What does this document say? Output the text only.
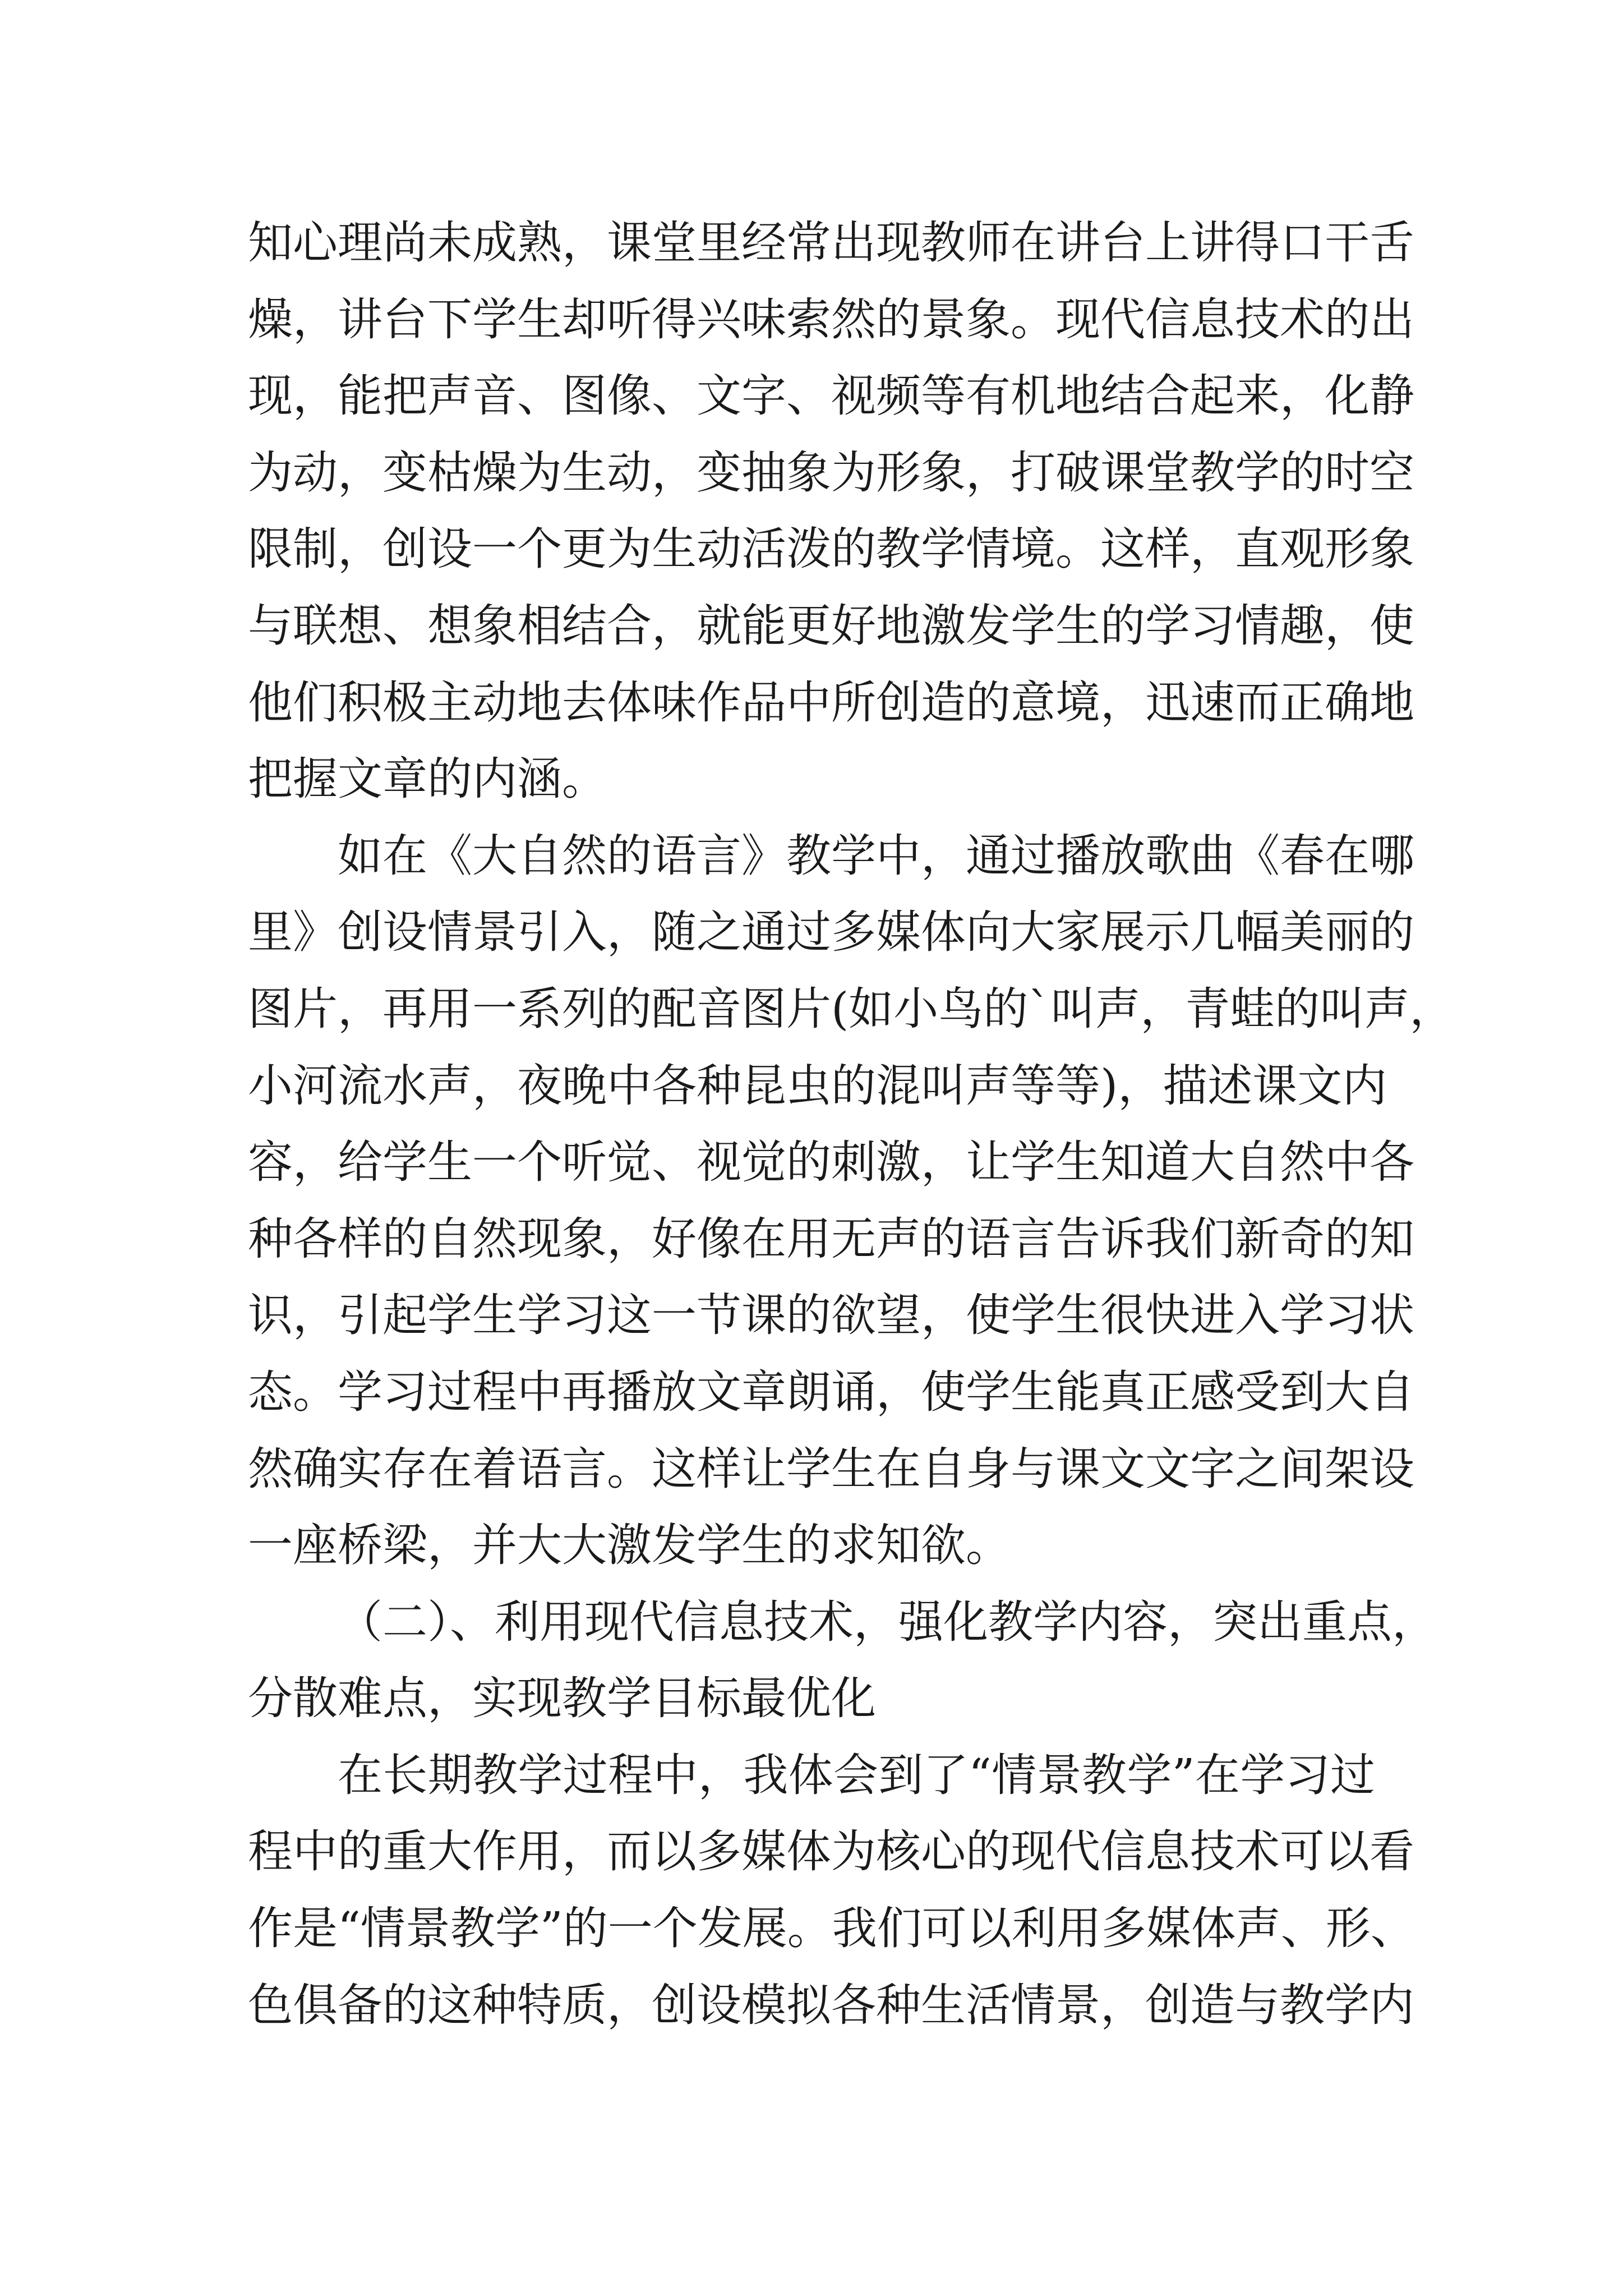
知心理尚未成熟，课堂里经常出现教师在讲台上讲得口干舌
燥，讲台下学生却听得兴味索然的景象。现代信息技术的出
现，能把声音、图像、文字、视频等有机地结合起来，化静
为动，变枯燥为生动，变抽象为形象，打破课堂教学的时空
限制，创设一个更为生动活泼的教学情境。这样，直观形象
与联想、想象相结合，就能更好地激发学生的学习情趣，使
他们积极主动地去体味作品中所创造的意境，迅速而正确地
把握文章的内涵。
如在《大自然的语言》教学中，通过播放歌曲《春在哪
里》创设情景引入，随之通过多媒体向大家展示几幅美丽的
图片，再用一系列的配音图片(如小鸟的`叫声，青蛙的叫声，
小河流水声，夜晚中各种昆虫的混叫声等等)，描述课文内
容，给学生一个听觉、视觉的刺激，让学生知道大自然中各
种各样的自然现象，好像在用无声的语言告诉我们新奇的知
识，引起学生学习这一节课的欲望，使学生很快进入学习状
态。学习过程中再播放文章朗诵，使学生能真正感受到大自
然确实存在着语言。这样让学生在自身与课文文字之间架设
一座桥梁，并大大激发学生的求知欲。
（二）、利用现代信息技术，强化教学内容，突出重点，
分散难点，实现教学目标最优化
在长期教学过程中，我体会到了“情景教学”在学习过
程中的重大作用，而以多媒体为核心的现代信息技术可以看
作是“情景教学”的一个发展。我们可以利用多媒体声、形、
色俱备的这种特质，创设模拟各种生活情景，创造与教学内
